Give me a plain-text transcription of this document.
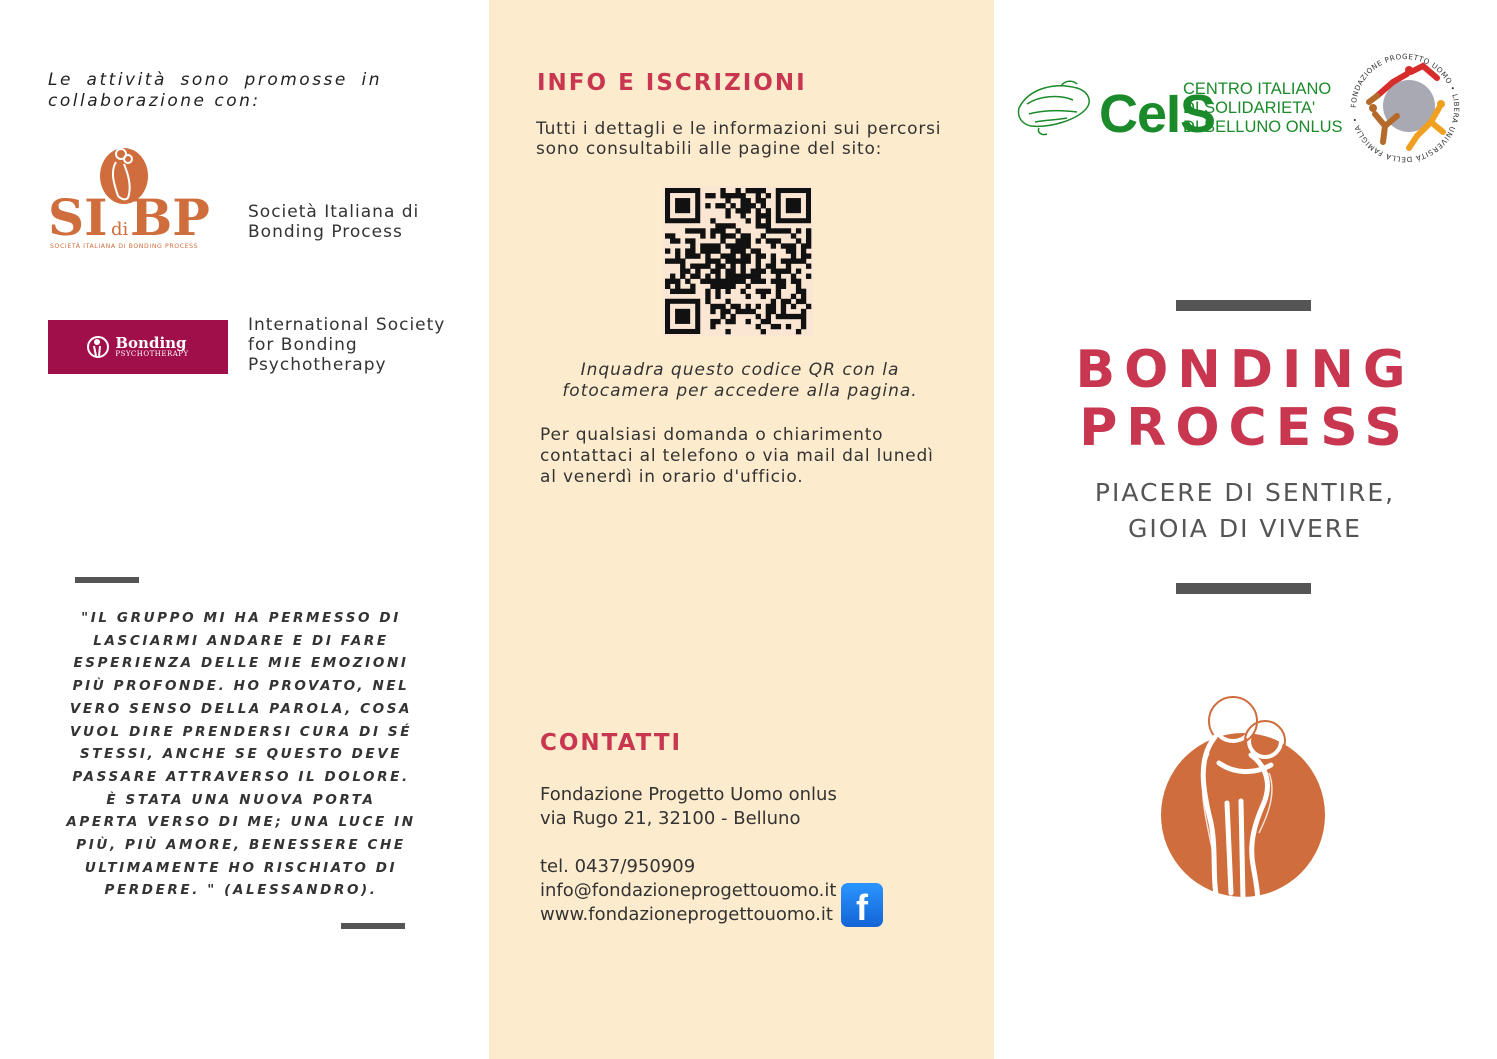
Le attività sono promosse in collaborazione con:
SI di BP
SOCIETÀ ITALIANA DI BONDING PROCESS
Società Italiana di
Bonding Process
Bonding
PSYCHOTHERAPY
International Society for Bonding Psychotherapy
"IL GRUPPO MI HA PERMESSO DI LASCIARMI ANDARE E DI FARE ESPERIENZA DELLE MIE EMOZIONI PIÙ PROFONDE. HO PROVATO, NEL VERO SENSO DELLA PAROLA, COSA VUOL DIRE PRENDERSI CURA DI SÉ STESSI, ANCHE SE QUESTO DEVE PASSARE ATTRAVERSO IL DOLORE. È STATA UNA NUOVA PORTA APERTA VERSO DI ME; UNA LUCE IN PIÙ, PIÙ AMORE, BENESSERE CHE ULTIMAMENTE HO RISCHIATO DI PERDERE. " (ALESSANDRO).
INFO E ISCRIZIONI
Tutti i dettagli e le informazioni sui percorsi sono consultabili alle pagine del sito:
Inquadra questo codice QR con la fotocamera per accedere alla pagina.
Per qualsiasi domanda o chiarimento contattaci al telefono o via mail dal lunedì al venerdì in orario d'ufficio.
CONTATTI
Fondazione Progetto Uomo onlus
via Rugo 21, 32100 - Belluno
tel. 0437/950909
info@fondazioneprogettouomo.it
www.fondazioneprogettouomo.it f
CeIS
CENTRO ITALIANO
DI SOLIDARIETA'
DI BELLUNO ONLUS
FONDAZIONE PROGETTO UOMO • LIBERA UNIVERSITÀ DELLA FAMIGLIA •
BONDING
PROCESS
PIACERE DI SENTIRE,
GIOIA DI VIVERE
